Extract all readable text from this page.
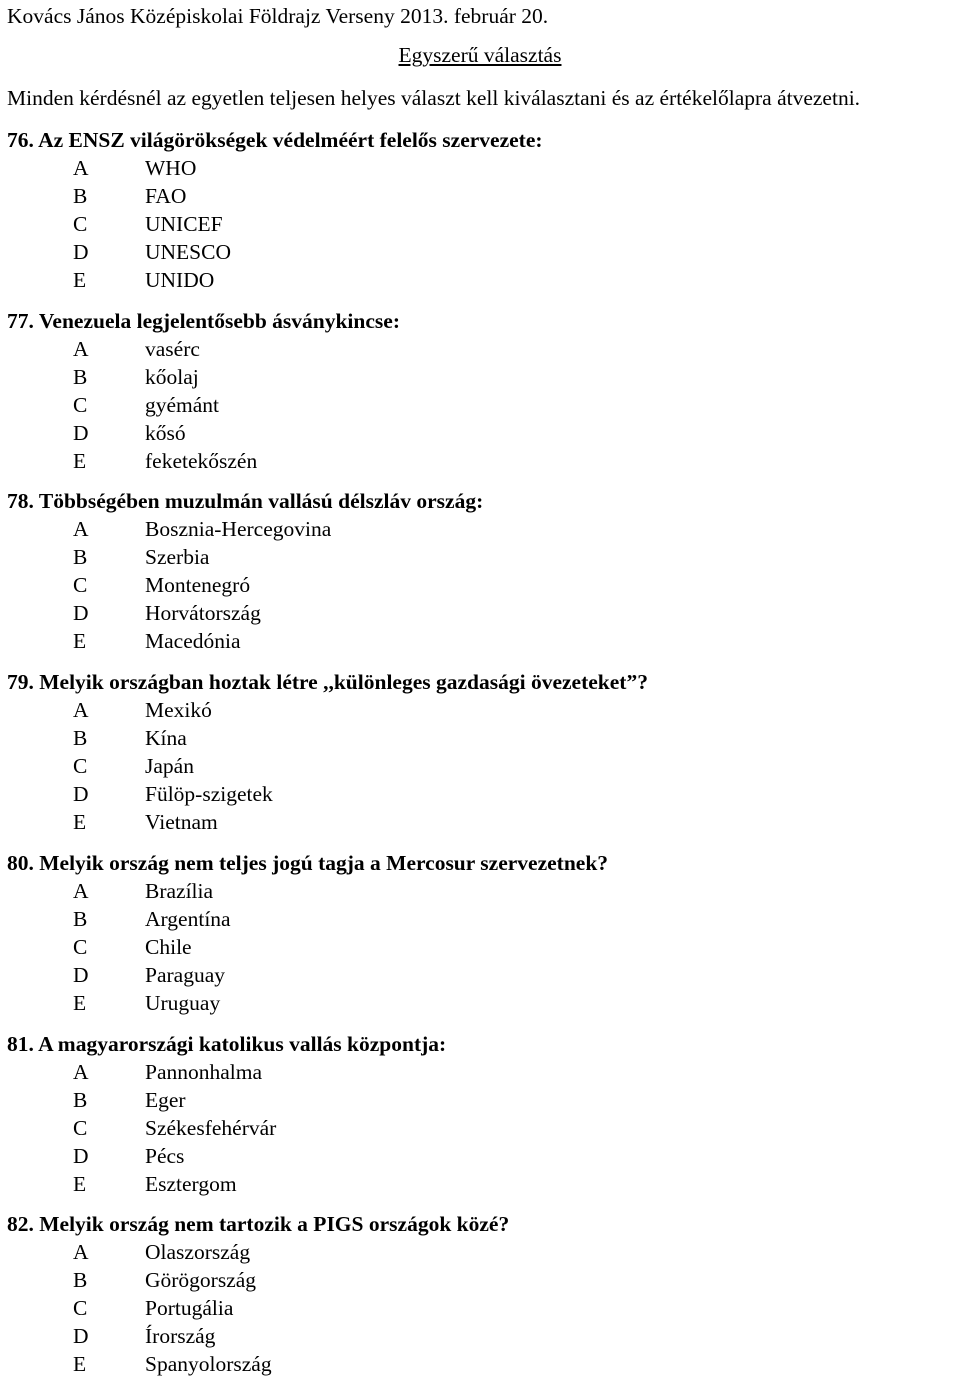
Kovács János Középiskolai Földrajz Verseny 2013. február 20.
Egyszerű választás
Minden kérdésnél az egyetlen teljesen helyes választ kell kiválasztani és az értékelőlapra átvezetni.
76. Az ENSZ világörökségek védelméért felelős szervezete:
A	WHO
B	FAO
C	UNICEF
D	UNESCO
E	UNIDO
77. Venezuela legjelentősebb ásványkincse:
A	vasérc
B	kőolaj
C	gyémánt
D	kősó
E	feketekőszén
78. Többségében muzulmán vallású délszláv ország:
A	Bosznia-Hercegovina
B	Szerbia
C	Montenegró
D	Horvátország
E	Macedónia
79. Melyik országban hoztak létre ,,különleges gazdasági övezeteket”?
A	Mexikó
B	Kína
C	Japán
D	Fülöp-szigetek
E	Vietnam
80. Melyik ország nem teljes jogú tagja a Mercosur szervezetnek?
A	Brazília
B	Argentína
C	Chile
D	Paraguay
E	Uruguay
81. A magyarországi katolikus vallás központja:
A	Pannonhalma
B	Eger
C	Székesfehérvár
D	Pécs
E	Esztergom
82. Melyik ország nem tartozik a PIGS országok közé?
A	Olaszország
B	Görögország
C	Portugália
D	Írország
E	Spanyolország
